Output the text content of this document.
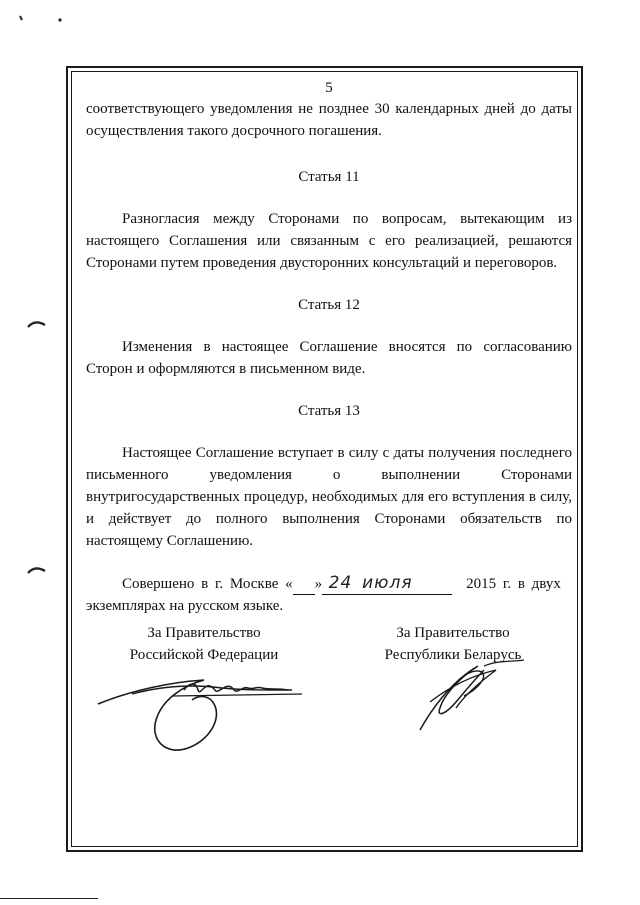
5

соответствующего уведомления не позднее 30 календарных дней до даты осуществления такого досрочного погашения.

Статья 11

Разногласия между Сторонами по вопросам, вытекающим из настоящего Соглашения или связанным с его реализацией, решаются Сторонами путем проведения двусторонних консультаций и переговоров.

Статья 12

Изменения в настоящее Соглашение вносятся по согласованию Сторон и оформляются в письменном виде.

Статья 13

Настоящее Соглашение вступает в силу с даты получения последнего письменного уведомления о выполнении Сторонами внутригосударственных процедур, необходимых для его вступления в силу, и действует до полного выполнения Сторонами обязательств по настоящему Соглашению.

Совершено в г. Москве « 24» июля	2015 г. в двух

экземплярах на русском языке.

За Правительство
Российской Федерации
За Правительство
Республики Беларусь
